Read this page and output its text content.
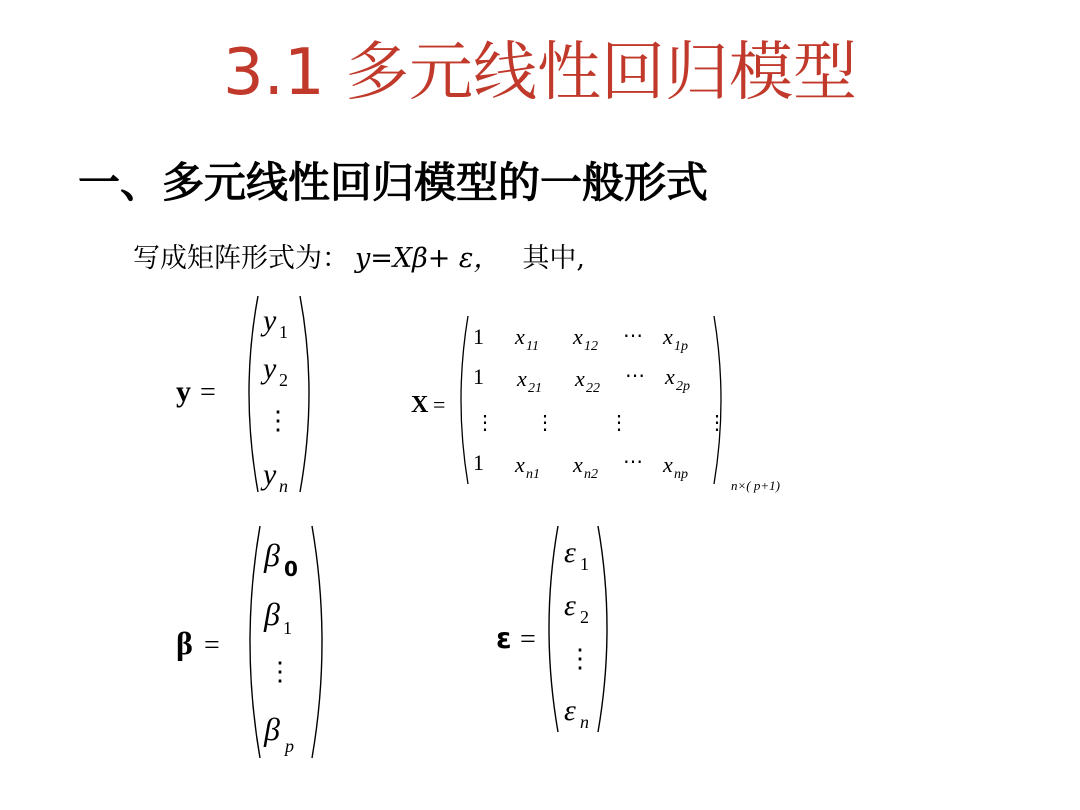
3.1 多元线性回归模型
一、多元线性回归模型的一般形式
写成矩阵形式为： y=Xβ+ ε， 其中,
y =
y 1
y 2
⋮
y n
X =
1 x 11 x 12 ⋯ x 1p
1 x 21 x 22
⋯ x 2p
⋮ ⋮	⋮	⋮
1 x n1 x n2
⋯ x np
n×( p+1)
β =
β 0
β 1
⋮
β p
ε =
ε 1
ε 2
⋮
ε n
